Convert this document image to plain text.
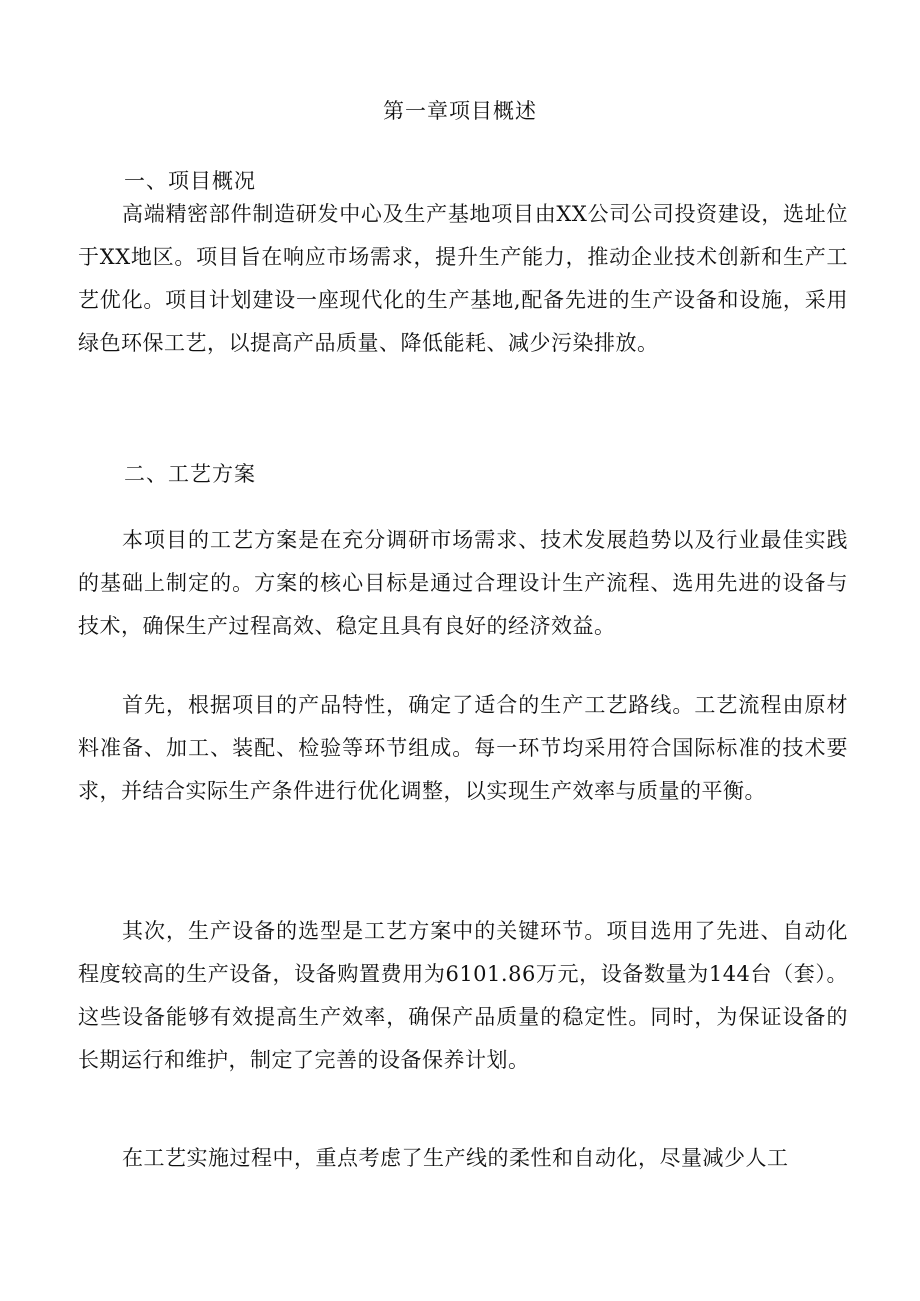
第一章项目概述
一、项目概况

高端精密部件制造研发中心及生产基地项目由XX公司公司投资建设，选址位于XX地区。项目旨在响应市场需求，提升生产能力，推动企业技术创新和生产工艺优化。项目计划建设一座现代化的生产基地,配备先进的生产设备和设施，采用绿色环保工艺，以提高产品质量、降低能耗、减少污染排放。

二、工艺方案

本项目的工艺方案是在充分调研市场需求、技术发展趋势以及行业最佳实践的基础上制定的。方案的核心目标是通过合理设计生产流程、选用先进的设备与技术，确保生产过程高效、稳定且具有良好的经济效益。

首先，根据项目的产品特性，确定了适合的生产工艺路线。工艺流程由原材料准备、加工、装配、检验等环节组成。每一环节均采用符合国际标准的技术要求，并结合实际生产条件进行优化调整，以实现生产效率与质量的平衡。

其次，生产设备的选型是工艺方案中的关键环节。项目选用了先进、自动化程度较高的生产设备，设备购置费用为6101.86万元，设备数量为144台（套）。这些设备能够有效提高生产效率，确保产品质量的稳定性。同时，为保证设备的长期运行和维护，制定了完善的设备保养计划。

在工艺实施过程中，重点考虑了生产线的柔性和自动化，尽量减少人工
